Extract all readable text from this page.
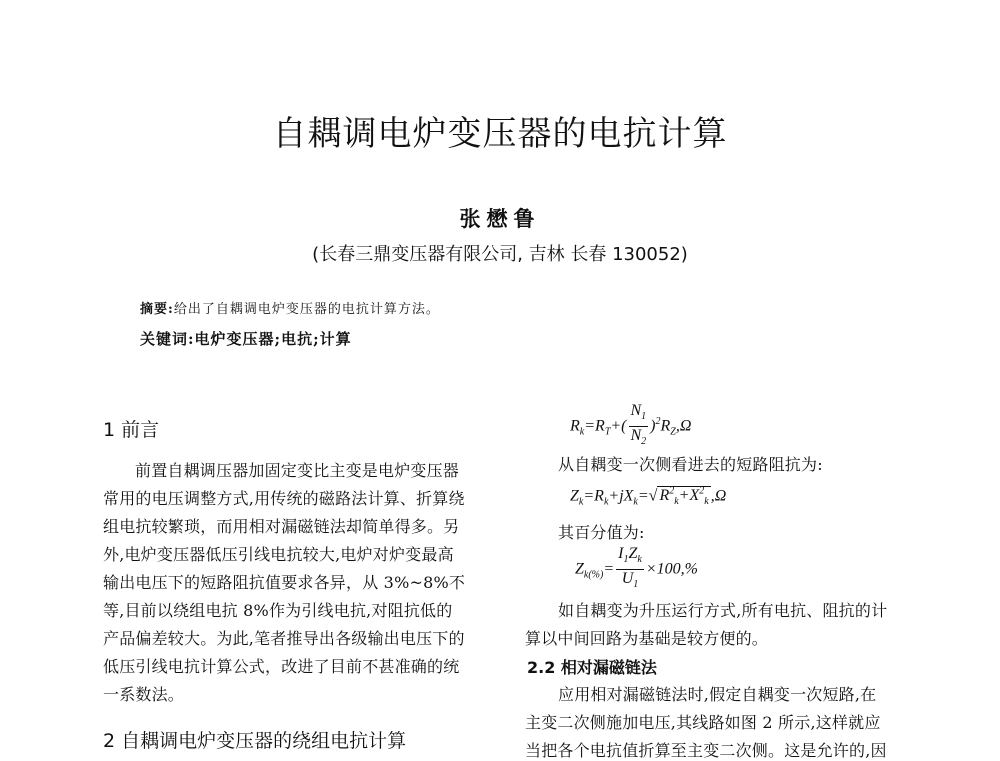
自耦调电炉变压器的电抗计算
张懋鲁
(长春三鼎变压器有限公司, 吉林 长春 130052)
摘要:给出了自耦调电炉变压器的电抗计算方法。
关键词:电炉变压器;电抗;计算
1 前言
前置自耦调压器加固定变比主变是电炉变压器
常用的电压调整方式,用传统的磁路法计算、折算绕
组电抗较繁琐，而用相对漏磁链法却简单得多。另
外,电炉变压器低压引线电抗较大,电炉对炉变最高
输出电压下的短路阻抗值要求各异，从 3%~8%不
等,目前以绕组电抗 8%作为引线电抗,对阻抗低的
产品偏差较大。为此,笔者推导出各级输出电压下的
低压引线电抗计算公式，改进了目前不甚准确的统
一系数法。
2 自耦调电炉变压器的绕组电抗计算
$R_k=R_T+( \frac{N_1}{N_2} )^2R_Z,\Omega$
从自耦变一次侧看进去的短路阻抗为:
$Z_k=R_k+jX_k=√$ $R^2_k+X^2_k$ ,Ω
其百分值为:
$Z_{k(\%)}= \frac{I_1Z_k}{U_1} \times 100,\%$
如自耦变为升压运行方式,所有电抗、阻抗的计
算以中间回路为基础是较方便的。
2.2 相对漏磁链法
应用相对漏磁链法时,假定自耦变一次短路,在
主变二次侧施加电压,其线路如图 2 所示,这样就应
当把各个电抗值折算至主变二次侧。这是允许的,因
